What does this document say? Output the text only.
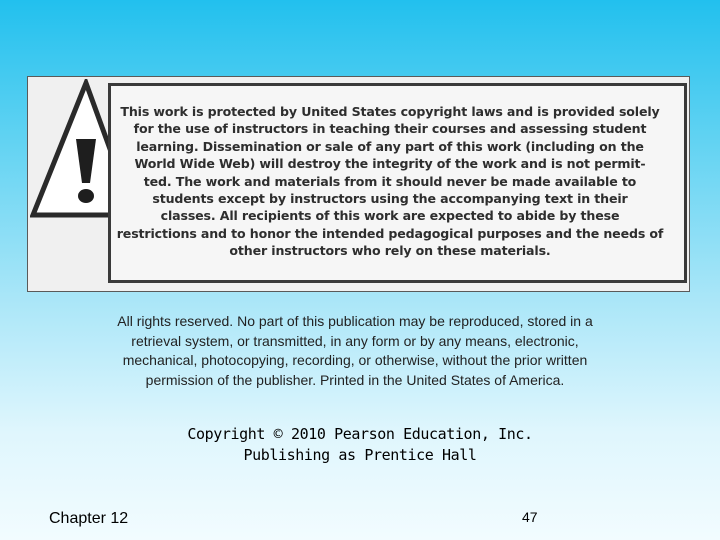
This work is protected by United States copyright laws and is provided solely
for the use of instructors in teaching their courses and assessing student
learning. Dissemination or sale of any part of this work (including on the
World Wide Web) will destroy the integrity of the work and is not permit-
ted. The work and materials from it should never be made available to
students except by instructors using the accompanying text in their
classes. All recipients of this work are expected to abide by these
restrictions and to honor the intended pedagogical purposes and the needs of
other instructors who rely on these materials.
All rights reserved. No part of this publication may be reproduced, stored in a
retrieval system, or transmitted, in any form or by any means, electronic,
mechanical, photocopying, recording, or otherwise, without the prior written
permission of the publisher. Printed in the United States of America.
Copyright © 2010 Pearson Education, Inc.
Publishing as Prentice Hall
Chapter 12	47
